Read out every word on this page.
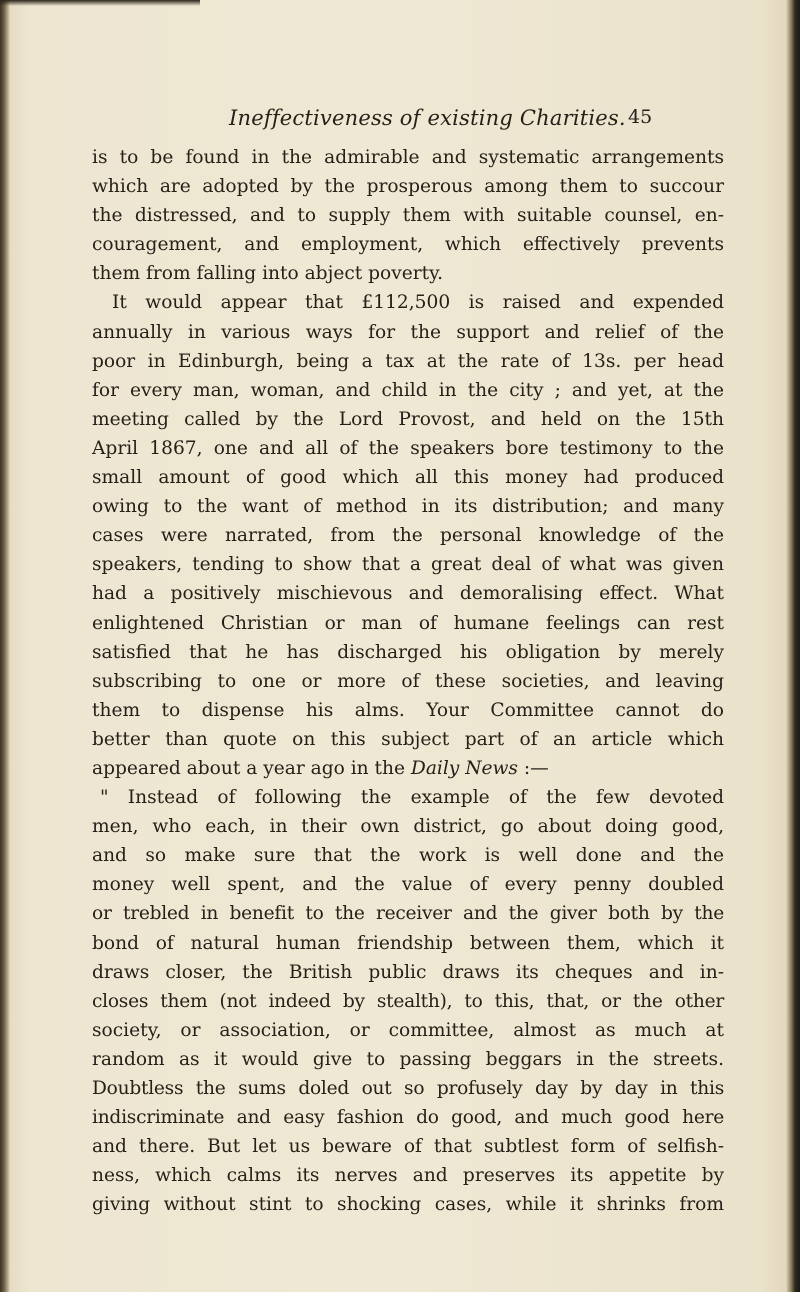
Ineffectiveness of existing Charities. 45
is to be found in the admirable and systematic arrangements
which are adopted by the prosperous among them to succour
the distressed, and to supply them with suitable counsel, en-
couragement, and employment, which effectively prevents
them from falling into abject poverty.
It would appear that £112,500 is raised and expended
annually in various ways for the support and relief of the
poor in Edinburgh, being a tax at the rate of 13s. per head
for every man, woman, and child in the city ; and yet, at the
meeting called by the Lord Provost, and held on the 15th
April 1867, one and all of the speakers bore testimony to the
small amount of good which all this money had produced
owing to the want of method in its distribution; and many
cases were narrated, from the personal knowledge of the
speakers, tending to show that a great deal of what was given
had a positively mischievous and demoralising effect. What
enlightened Christian or man of humane feelings can rest
satisfied that he has discharged his obligation by merely
subscribing to one or more of these societies, and leaving
them to dispense his alms. Your Committee cannot do
better than quote on this subject part of an article which
appeared about a year ago in the Daily News :—
" Instead of following the example of the few devoted
men, who each, in their own district, go about doing good,
and so make sure that the work is well done and the
money well spent, and the value of every penny doubled
or trebled in benefit to the receiver and the giver both by the
bond of natural human friendship between them, which it
draws closer, the British public draws its cheques and in-
closes them (not indeed by stealth), to this, that, or the other
society, or association, or committee, almost as much at
random as it would give to passing beggars in the streets.
Doubtless the sums doled out so profusely day by day in this
indiscriminate and easy fashion do good, and much good here
and there. But let us beware of that subtlest form of selfish-
ness, which calms its nerves and preserves its appetite by
giving without stint to shocking cases, while it shrinks from
